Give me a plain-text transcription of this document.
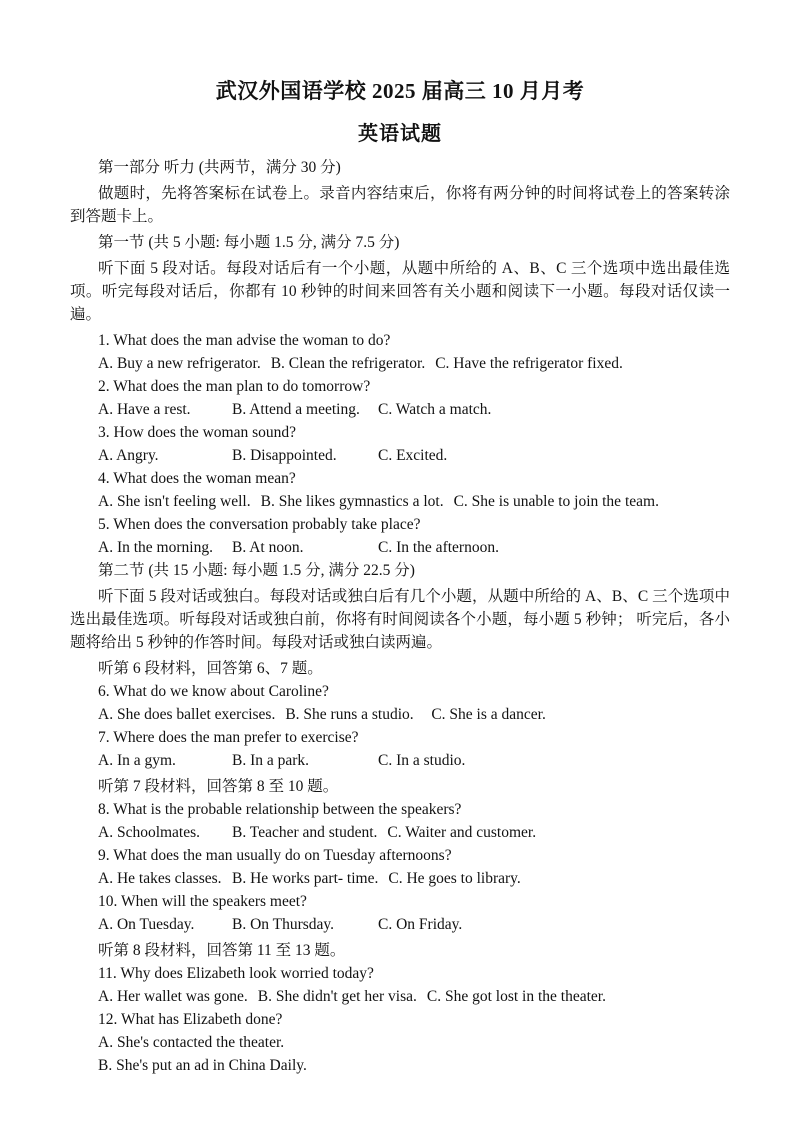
武汉外国语学校 2025 届高三 10 月月考
英语试题
第一部分 听力 (共两节，满分 30 分)

做题时，先将答案标在试卷上。录音内容结束后，你将有两分钟的时间将试卷上的答案转涂到答题卡上。

第一节 (共 5 小题: 每小题 1.5 分, 满分 7.5 分)

听下面 5 段对话。每段对话后有一个小题，从题中所给的 A、B、C 三个选项中选出最佳选项。听完每段对话后，你都有 10 秒钟的时间来回答有关小题和阅读下一小题。每段对话仅读一遍。

1. What does the man advise the woman to do?
A. Buy a new refrigerator. B. Clean the refrigerator. C. Have the refrigerator fixed.
2. What does the man plan to do tomorrow?
A. Have a rest.	B. Attend a meeting.	C. Watch a match.
3. How does the woman sound?
A. Angry.	B. Disappointed.	C. Excited.
4. What does the woman mean?
A. She isn't feeling well. B. She likes gymnastics a lot. C. She is unable to join the team.
5. When does the conversation probably take place?
A. In the morning.	B. At noon.	C. In the afternoon.
第二节 (共 15 小题: 每小题 1.5 分, 满分 22.5 分)

听下面 5 段对话或独白。每段对话或独白后有几个小题，从题中所给的 A、B、C 三个选项中选出最佳选项。听每段对话或独白前，你将有时间阅读各个小题，每小题 5 秒钟； 听完后，各小题将给出 5 秒钟的作答时间。每段对话或独白读两遍。

听第 6 段材料，回答第 6、7 题。
6. What do we know about Caroline?
A. She does ballet exercises. B. She runs a studio.	C. She is a dancer.
7. Where does the man prefer to exercise?
A. In a gym.	B. In a park.	C. In a studio.
听第 7 段材料，回答第 8 至 10 题。
8. What is the probable relationship between the speakers?
A. Schoolmates.	B. Teacher and student. C. Waiter and customer.
9. What does the man usually do on Tuesday afternoons?
A. He takes classes. B. He works part- time. C. He goes to library.
10. When will the speakers meet?
A. On Tuesday.	B. On Thursday.	C. On Friday.
听第 8 段材料，回答第 11 至 13 题。
11. Why does Elizabeth look worried today?
A. Her wallet was gone. B. She didn't get her visa. C. She got lost in the theater.
12. What has Elizabeth done?
A. She's contacted the theater.
B. She's put an ad in China Daily.
